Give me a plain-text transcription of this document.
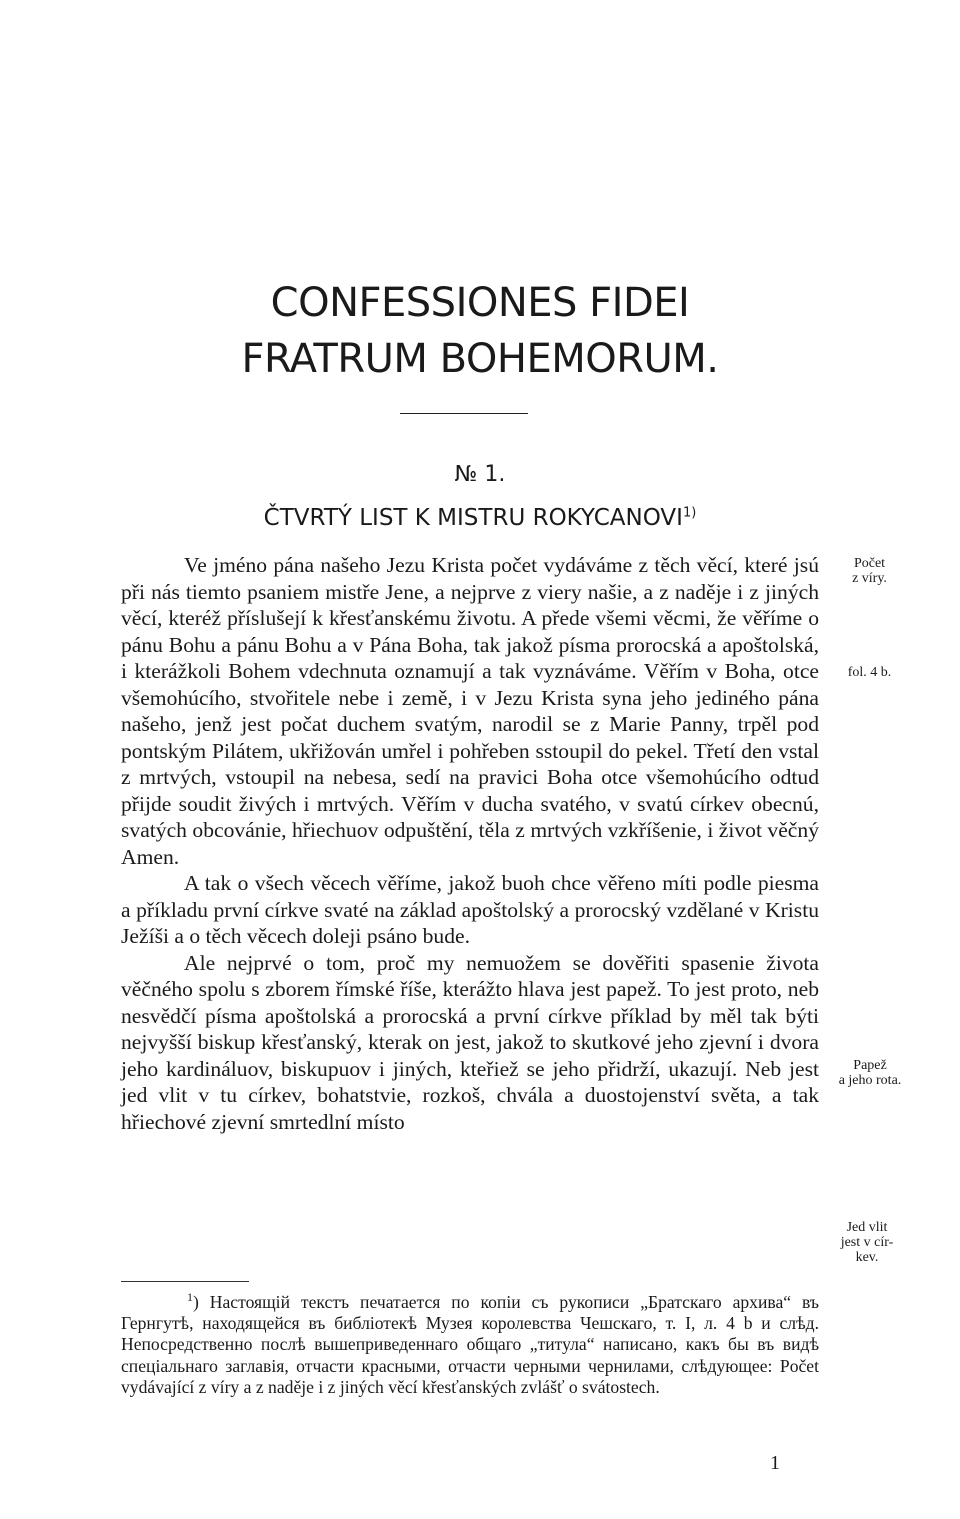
CONFESSIONES FIDEI
FRATRUM BOHEMORUM.
№ 1.
ČTVRTÝ LIST K MISTRU ROKYCANOVI$^{1)}$

Ve jméno pána našeho Jezu Krista počet vydáváme z těch věcí, které jsú při nás tiemto psaniem mistře Jene, a nejprve z viery našie, a z naděje i z jiných věcí, kteréž příslušejí k křesťanskému životu. A přede všemi věcmi, že věříme o pánu Bohu a pánu Bohu a v Pána Boha, tak jakož písma prorocská a apoštolská, i kterážkoli Bohem vdechnuta oznamují a tak vyznáváme. Věřím v Boha, otce všemohúcího, stvořitele nebe i země, i v Jezu Krista syna jeho jediného pána našeho, jenž jest počat duchem svatým, narodil se z Marie Panny, trpěl pod pontským Pilátem, ukřižován umřel i pohřeben sstoupil do pekel. Třetí den vstal z mrtvých, vstoupil na nebesa, sedí na pravici Boha otce všemohúcího odtud přijde soudit živých i mrtvých. Věřím v ducha svatého, v svatú církev obecnú, svatých obcovánie, hřiechuov odpuštění, těla z mrtvých vzkříšenie, i život věčný Amen.

A tak o všech věcech věříme, jakož buoh chce věřeno míti podle piesma a příkladu první církve svaté na základ apoštolský a prorocský vzdělané v Kristu Ježíši a o těch věcech doleji psáno bude.

Ale nejprvé o tom, proč my nemuožem se dověřiti spasenie života věčného spolu s zborem římské říše, kterážto hlava jest papež. To jest proto, neb nesvědčí písma apoštolská a prorocská a první církve příklad by měl tak býti nejvyšší biskup křesťanský, kterak on jest, jakož to skutkové jeho zjevní i dvora jeho kardináluov, biskupuov i jiných, kteřiež se jeho přidrží, ukazují. Neb jest jed vlit v tu církev, bohatstvie, rozkoš, chvála a duostojenství světa, a tak hřiechové zjevní smrtedlní místo

Počet
z víry.
fol. 4 b.
Papež
a jeho rota.
Jed vlit
jest v cír-
kev.

$^1$) Настоящій текстъ печатается по копіи съ рукописи „Братскаго архива“ въ Гернгутѣ, находящейся въ библіотекѣ Музея королевства Чешскаго, т. I, л. 4 b и слѣд. Непосредственно послѣ вышеприведеннаго общаго „титула“ написано, какъ бы въ видѣ спеціальнаго заглавія, отчасти красными, отчасти черными чернилами, слѣдующее: Počet vydávající z víry a z naděje i z jiných věcí křesťanských zvlášť o svátostech.

1
